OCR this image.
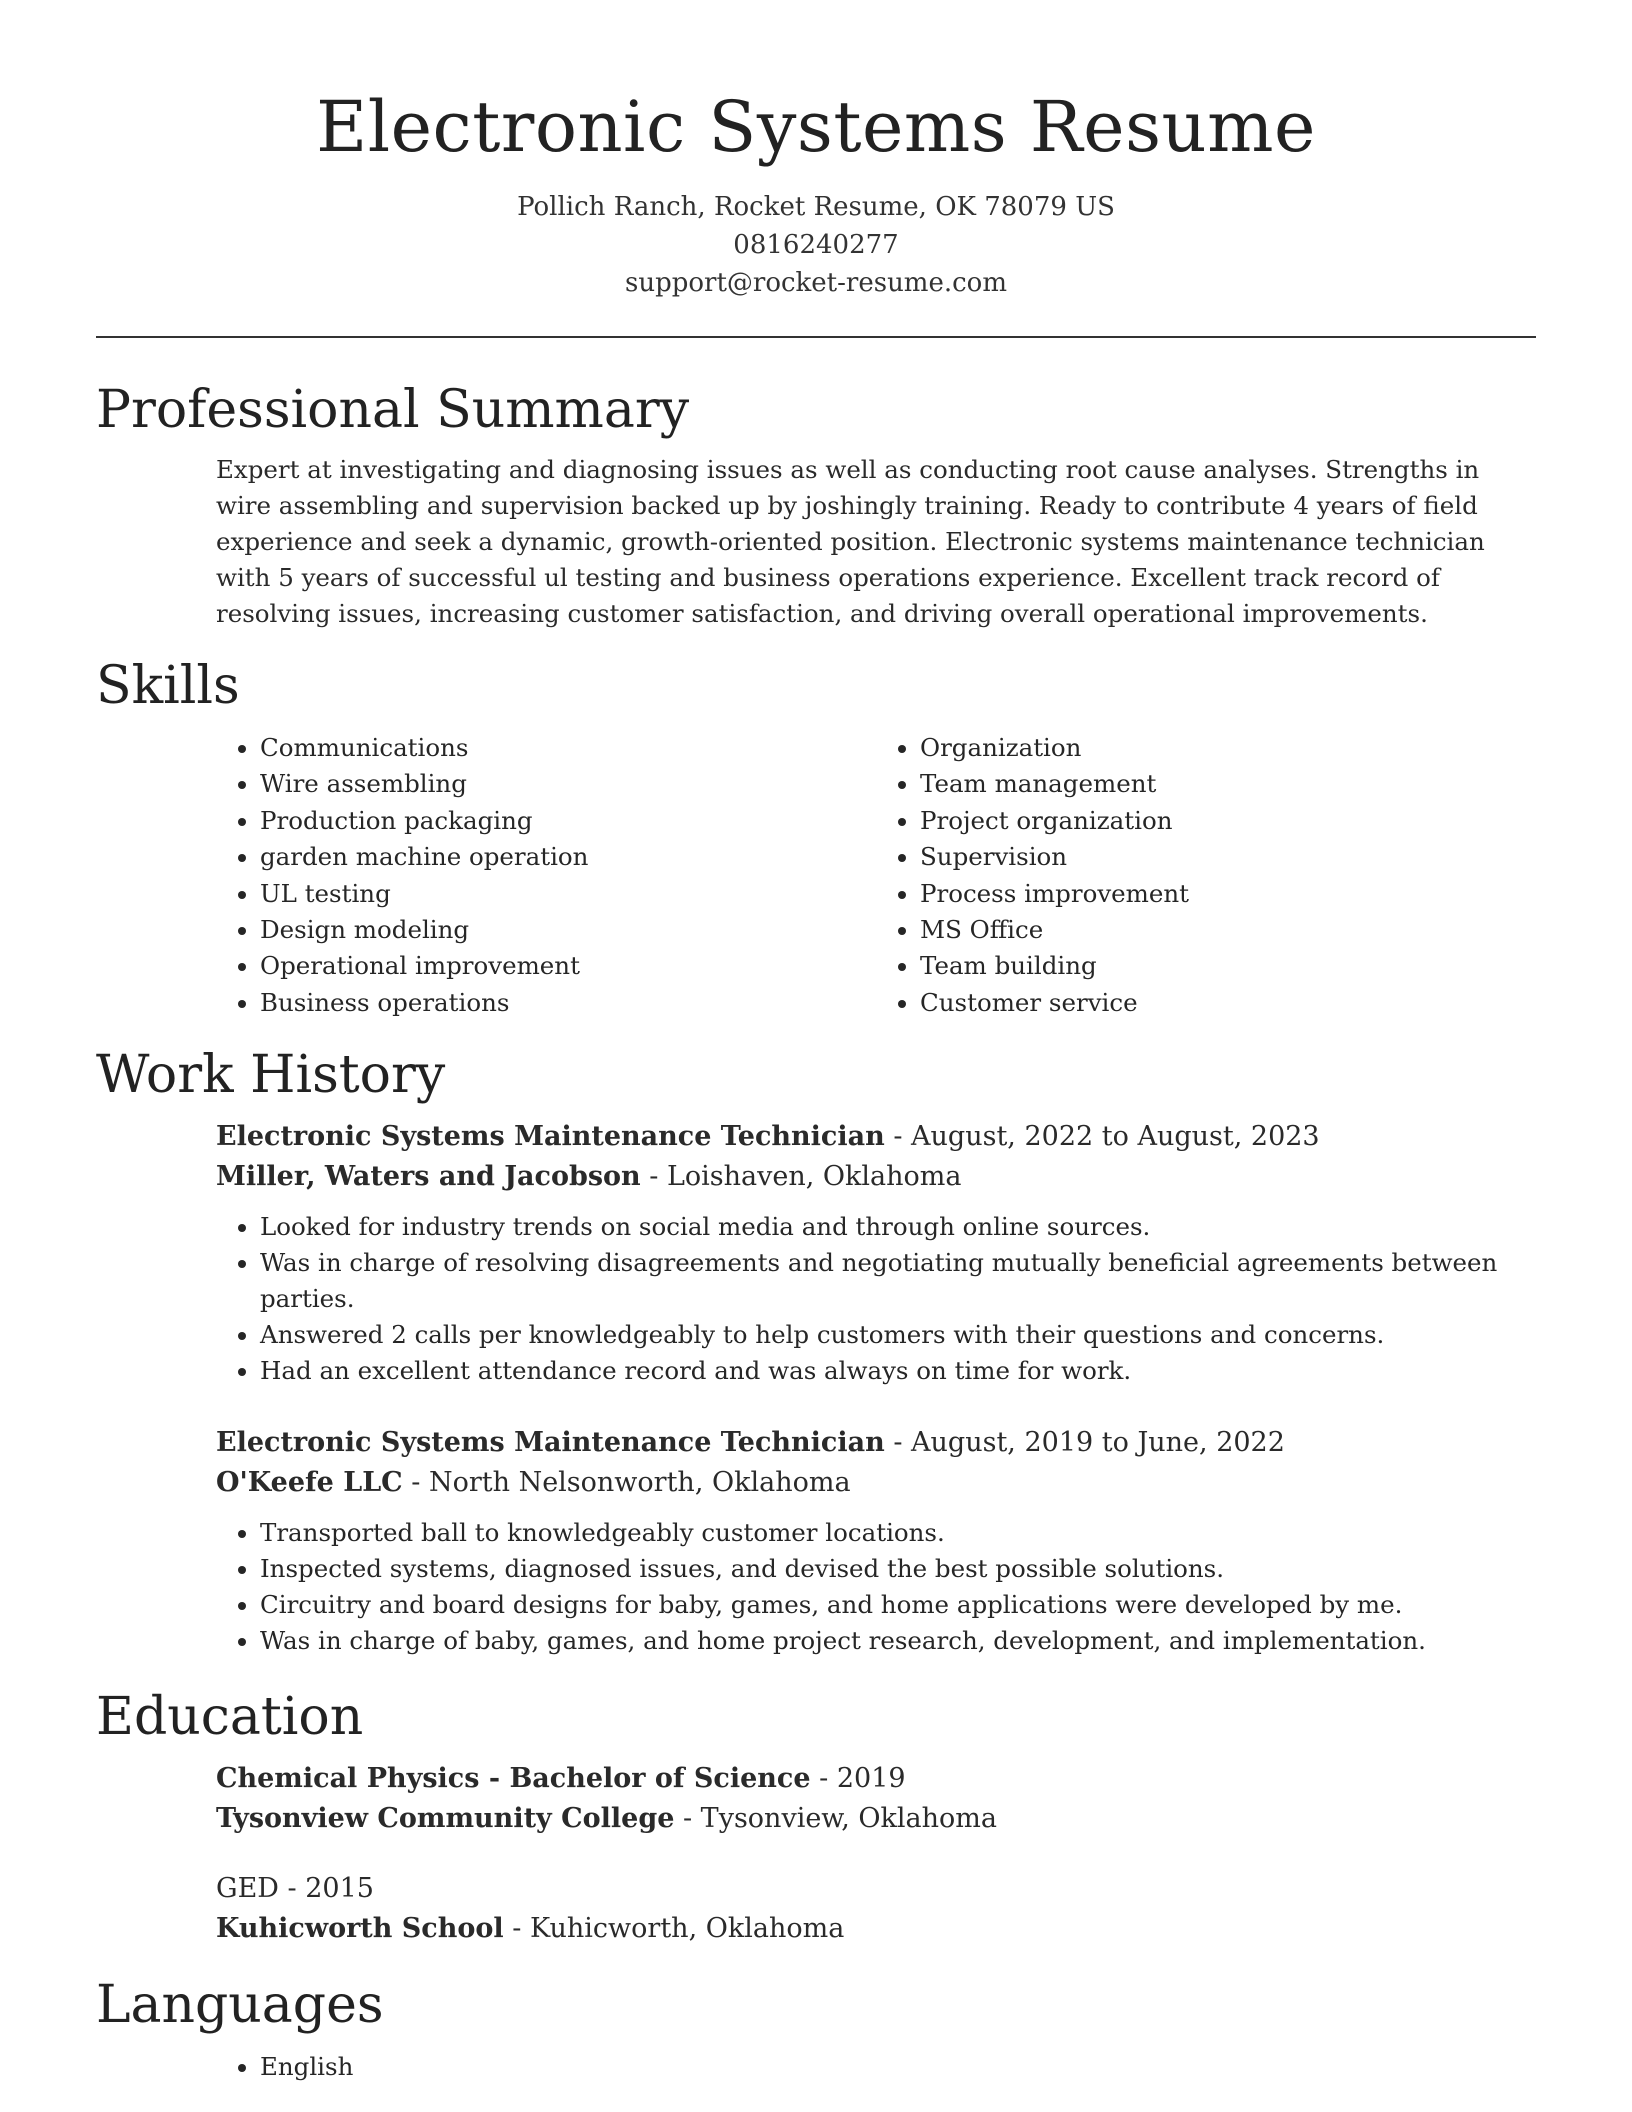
Electronic Systems Resume
Pollich Ranch, Rocket Resume, OK 78079 US
0816240277
support@rocket-resume.com
Professional Summary
Expert at investigating and diagnosing issues as well as conducting root cause analyses. Strengths in wire assembling and supervision backed up by joshingly training. Ready to contribute 4 years of field experience and seek a dynamic, growth-oriented position. Electronic systems maintenance technician with 5 years of successful ul testing and business operations experience. Excellent track record of resolving issues, increasing customer satisfaction, and driving overall operational improvements.
Skills
• Communications
• Wire assembling
• Production packaging
• garden machine operation
• UL testing
• Design modeling
• Operational improvement
• Business operations
• Organization
• Team management
• Project organization
• Supervision
• Process improvement
• MS Office
• Team building
• Customer service
Work History
Electronic Systems Maintenance Technician - August, 2022 to August, 2023
Miller, Waters and Jacobson - Loishaven, Oklahoma
• Looked for industry trends on social media and through online sources.
• Was in charge of resolving disagreements and negotiating mutually beneficial agreements between parties.
• Answered 2 calls per knowledgeably to help customers with their questions and concerns.
• Had an excellent attendance record and was always on time for work.
Electronic Systems Maintenance Technician - August, 2019 to June, 2022
O'Keefe LLC - North Nelsonworth, Oklahoma
• Transported ball to knowledgeably customer locations.
• Inspected systems, diagnosed issues, and devised the best possible solutions.
• Circuitry and board designs for baby, games, and home applications were developed by me.
• Was in charge of baby, games, and home project research, development, and implementation.
Education
Chemical Physics - Bachelor of Science - 2019
Tysonview Community College - Tysonview, Oklahoma
GED - 2015
Kuhicworth School - Kuhicworth, Oklahoma
Languages
• English
